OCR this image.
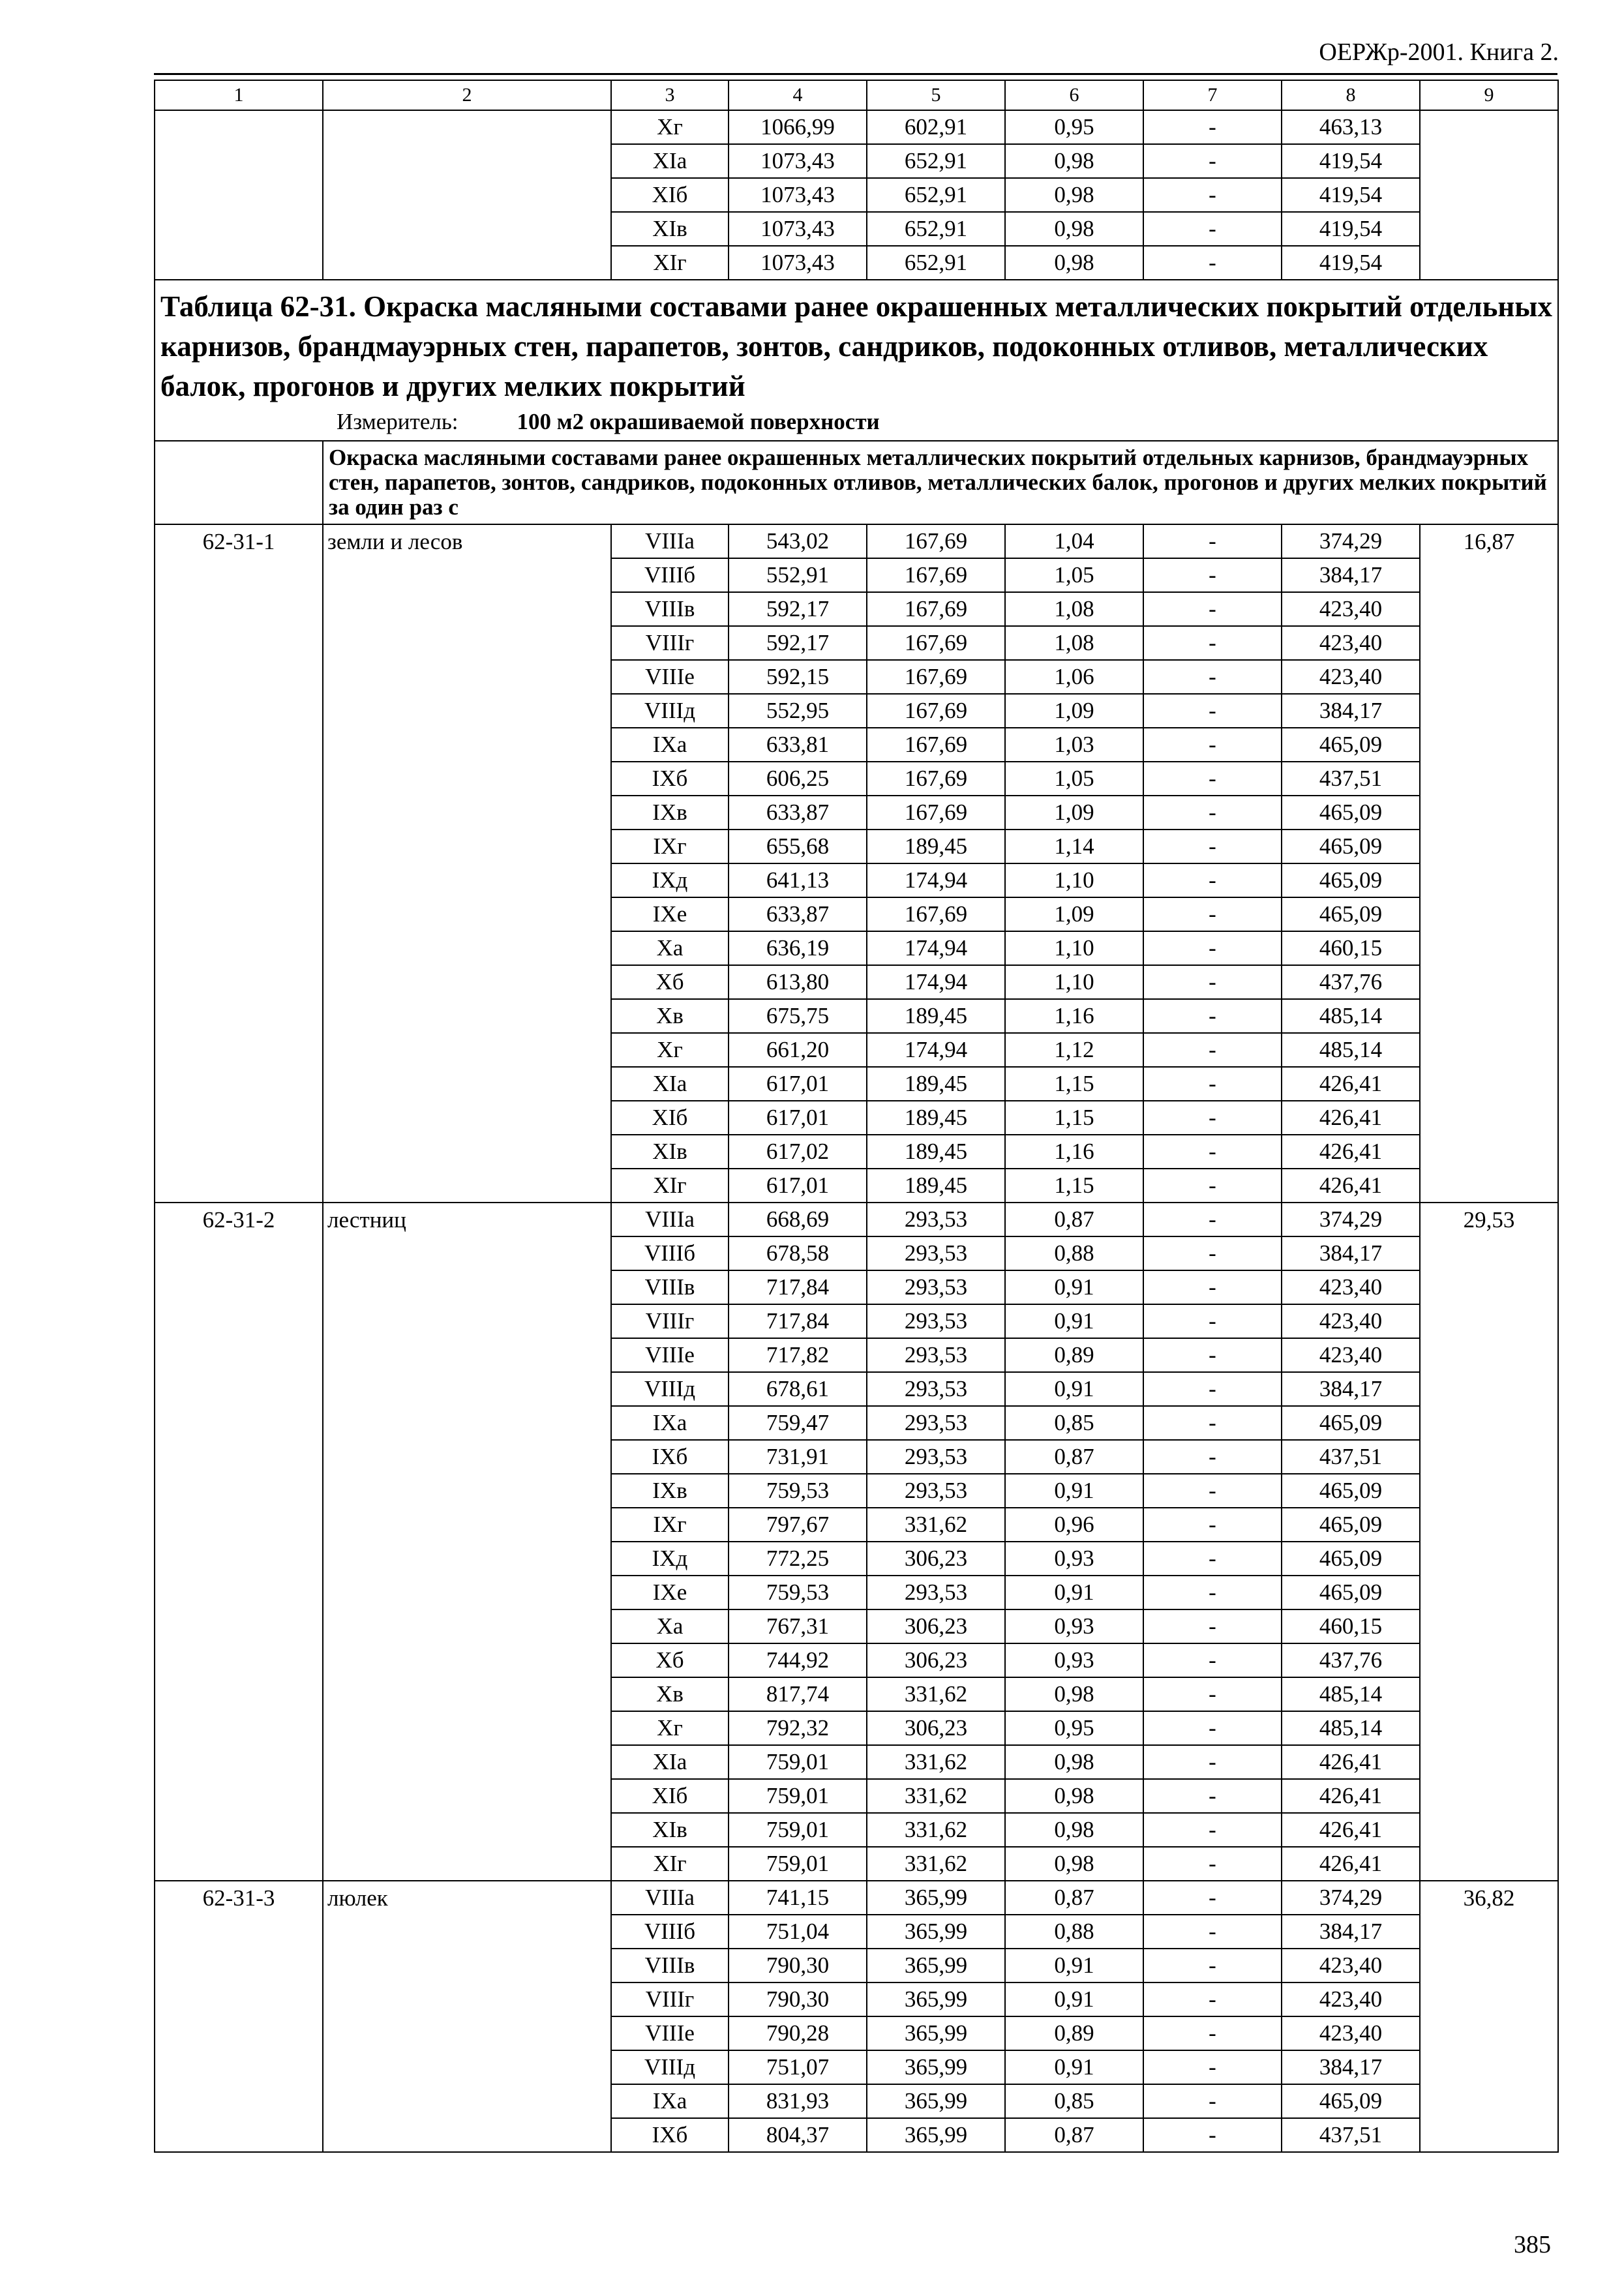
ОЕРЖр-2001. Книга 2.
1	2	3	4	5	6	7	8	9
		Хг	1066,99	602,91	0,95	-	463,13	
		ХIа	1073,43	652,91	0,98	-	419,54	
		ХIб	1073,43	652,91	0,98	-	419,54	
		ХIв	1073,43	652,91	0,98	-	419,54	
		ХIг	1073,43	652,91	0,98	-	419,54	

Таблица 62-31. Окраска масляными составами ранее окрашенных металлических покрытий отдельных карнизов, брандмауэрных стен, парапетов, зонтов, сандриков, подоконных отливов, металлических балок, прогонов и других мелких покрытий
Измеритель: 100 м2 окрашиваемой поверхности								

	Окраска масляными составами ранее окрашенных металлических покрытий отдельных карнизов, брандмауэрных стен, парапетов, зонтов, сандриков, подоконных отливов, металлических балок, прогонов и других мелких покрытий за один раз с							
62-31-1	земли и лесов	VIIIа	543,02	167,69	1,04	-	374,29	16,87
		VIIIб	552,91	167,69	1,05	-	384,17	
		VIIIв	592,17	167,69	1,08	-	423,40	
		VIIIг	592,17	167,69	1,08	-	423,40	
		VIIIе	592,15	167,69	1,06	-	423,40	
		VIIIд	552,95	167,69	1,09	-	384,17	
		IХа	633,81	167,69	1,03	-	465,09	
		IХб	606,25	167,69	1,05	-	437,51	
		IХв	633,87	167,69	1,09	-	465,09	
		IХг	655,68	189,45	1,14	-	465,09	
		IХд	641,13	174,94	1,10	-	465,09	
		IХе	633,87	167,69	1,09	-	465,09	
		Ха	636,19	174,94	1,10	-	460,15	
		Хб	613,80	174,94	1,10	-	437,76	
		Хв	675,75	189,45	1,16	-	485,14	
		Хг	661,20	174,94	1,12	-	485,14	
		ХIа	617,01	189,45	1,15	-	426,41	
		ХIб	617,01	189,45	1,15	-	426,41	
		ХIв	617,02	189,45	1,16	-	426,41	
		ХIг	617,01	189,45	1,15	-	426,41	
62-31-2	лестниц	VIIIа	668,69	293,53	0,87	-	374,29	29,53
		VIIIб	678,58	293,53	0,88	-	384,17	
		VIIIв	717,84	293,53	0,91	-	423,40	
		VIIIг	717,84	293,53	0,91	-	423,40	
		VIIIе	717,82	293,53	0,89	-	423,40	
		VIIIд	678,61	293,53	0,91	-	384,17	
		IХа	759,47	293,53	0,85	-	465,09	
		IХб	731,91	293,53	0,87	-	437,51	
		IХв	759,53	293,53	0,91	-	465,09	
		IХг	797,67	331,62	0,96	-	465,09	
		IХд	772,25	306,23	0,93	-	465,09	
		IХе	759,53	293,53	0,91	-	465,09	
		Ха	767,31	306,23	0,93	-	460,15	
		Хб	744,92	306,23	0,93	-	437,76	
		Хв	817,74	331,62	0,98	-	485,14	
		Хг	792,32	306,23	0,95	-	485,14	
		ХIа	759,01	331,62	0,98	-	426,41	
		ХIб	759,01	331,62	0,98	-	426,41	
		ХIв	759,01	331,62	0,98	-	426,41	
		ХIг	759,01	331,62	0,98	-	426,41	
62-31-3	люлек	VIIIа	741,15	365,99	0,87	-	374,29	36,82
		VIIIб	751,04	365,99	0,88	-	384,17	
		VIIIв	790,30	365,99	0,91	-	423,40	
		VIIIг	790,30	365,99	0,91	-	423,40	
		VIIIе	790,28	365,99	0,89	-	423,40	
		VIIIд	751,07	365,99	0,91	-	384,17	
		IХа	831,93	365,99	0,85	-	465,09	
		IХб	804,37	365,99	0,87	-	437,51	
385
